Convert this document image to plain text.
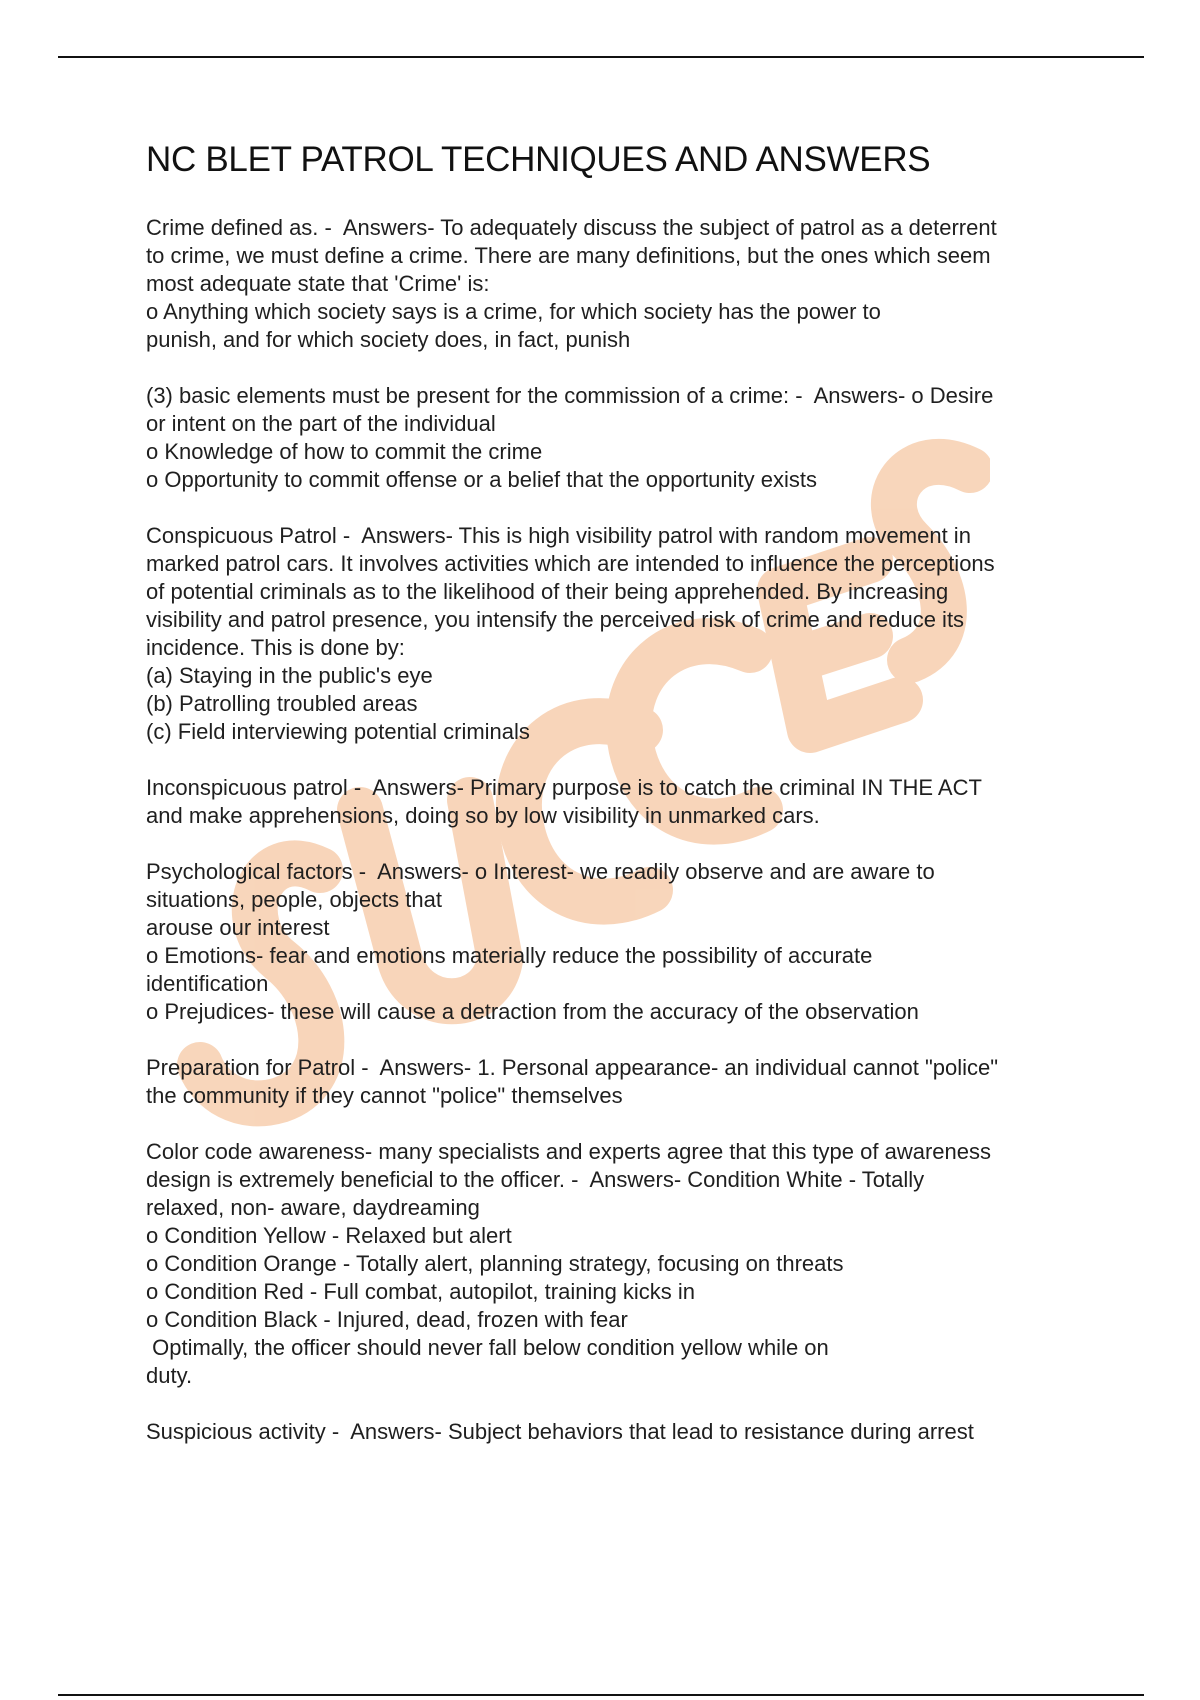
NC BLET PATROL TECHNIQUES AND ANSWERS

Crime defined as. -  Answers- To adequately discuss the subject of patrol as a deterrent

to crime, we must define a crime. There are many definitions, but the ones which seem

most adequate state that 'Crime' is:

o Anything which society says is a crime, for which society has the power to

punish, and for which society does, in fact, punish

(3) basic elements must be present for the commission of a crime: -  Answers- o Desire

or intent on the part of the individual

o Knowledge of how to commit the crime

o Opportunity to commit offense or a belief that the opportunity exists

Conspicuous Patrol -  Answers- This is high visibility patrol with random movement in

marked patrol cars. It involves activities which are intended to influence the perceptions

of potential criminals as to the likelihood of their being apprehended. By increasing

visibility and patrol presence, you intensify the perceived risk of crime and reduce its

incidence. This is done by:

(a) Staying in the public's eye

(b) Patrolling troubled areas

(c) Field interviewing potential criminals

Inconspicuous patrol -  Answers- Primary purpose is to catch the criminal IN THE ACT

and make apprehensions, doing so by low visibility in unmarked cars.

Psychological factors -  Answers- o Interest- we readily observe and are aware to

situations, people, objects that

arouse our interest

o Emotions- fear and emotions materially reduce the possibility of accurate

identification

o Prejudices- these will cause a detraction from the accuracy of the observation

Preparation for Patrol -  Answers- 1. Personal appearance- an individual cannot "police"

the community if they cannot "police" themselves

Color code awareness- many specialists and experts agree that this type of awareness

design is extremely beneficial to the officer. -  Answers- Condition White - Totally

relaxed, non- aware, daydreaming

o Condition Yellow - Relaxed but alert

o Condition Orange - Totally alert, planning strategy, focusing on threats

o Condition Red - Full combat, autopilot, training kicks in

o Condition Black - Injured, dead, frozen with fear

Optimally, the officer should never fall below condition yellow while on

duty.

Suspicious activity -  Answers- Subject behaviors that lead to resistance during arrest
